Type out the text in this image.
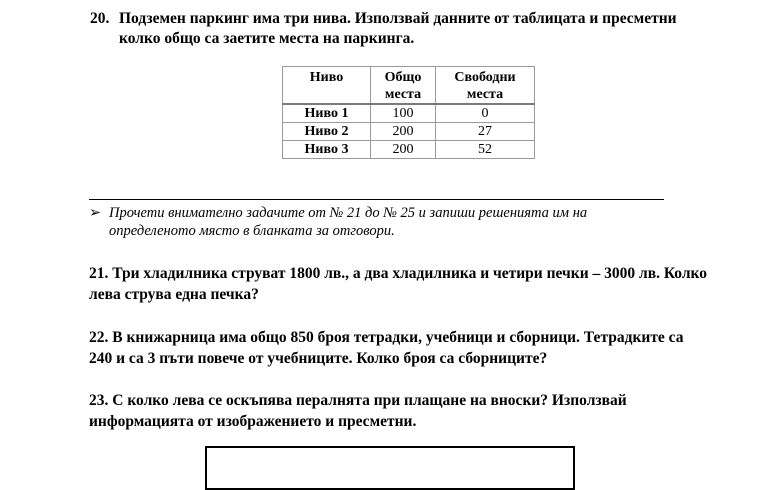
20. Подземен паркинг има три нива. Използвай данните от таблицата и пресметни колко общо са заетите места на паркинга.
Ниво	Общо места	Свободни места
Ниво 1	100	0
Ниво 2	200	27
Ниво 3	200	52
➢ Прочети внимателно задачите от № 21 до № 25 и запиши решенията им на определеното място в бланката за отговори.
21. Три хладилника струват 1800 лв., а два хладилника и четири печки – 3000 лв. Колко лева струва една печка?
22. В книжарница има общо 850 броя тетрадки, учебници и сборници. Тетрадките са 240 и са 3 пъти повече от учебниците. Колко броя са сборниците?
23. С колко лева се оскъпява пералнята при плащане на вноски? Използвай информацията от изображението и пресметни.
